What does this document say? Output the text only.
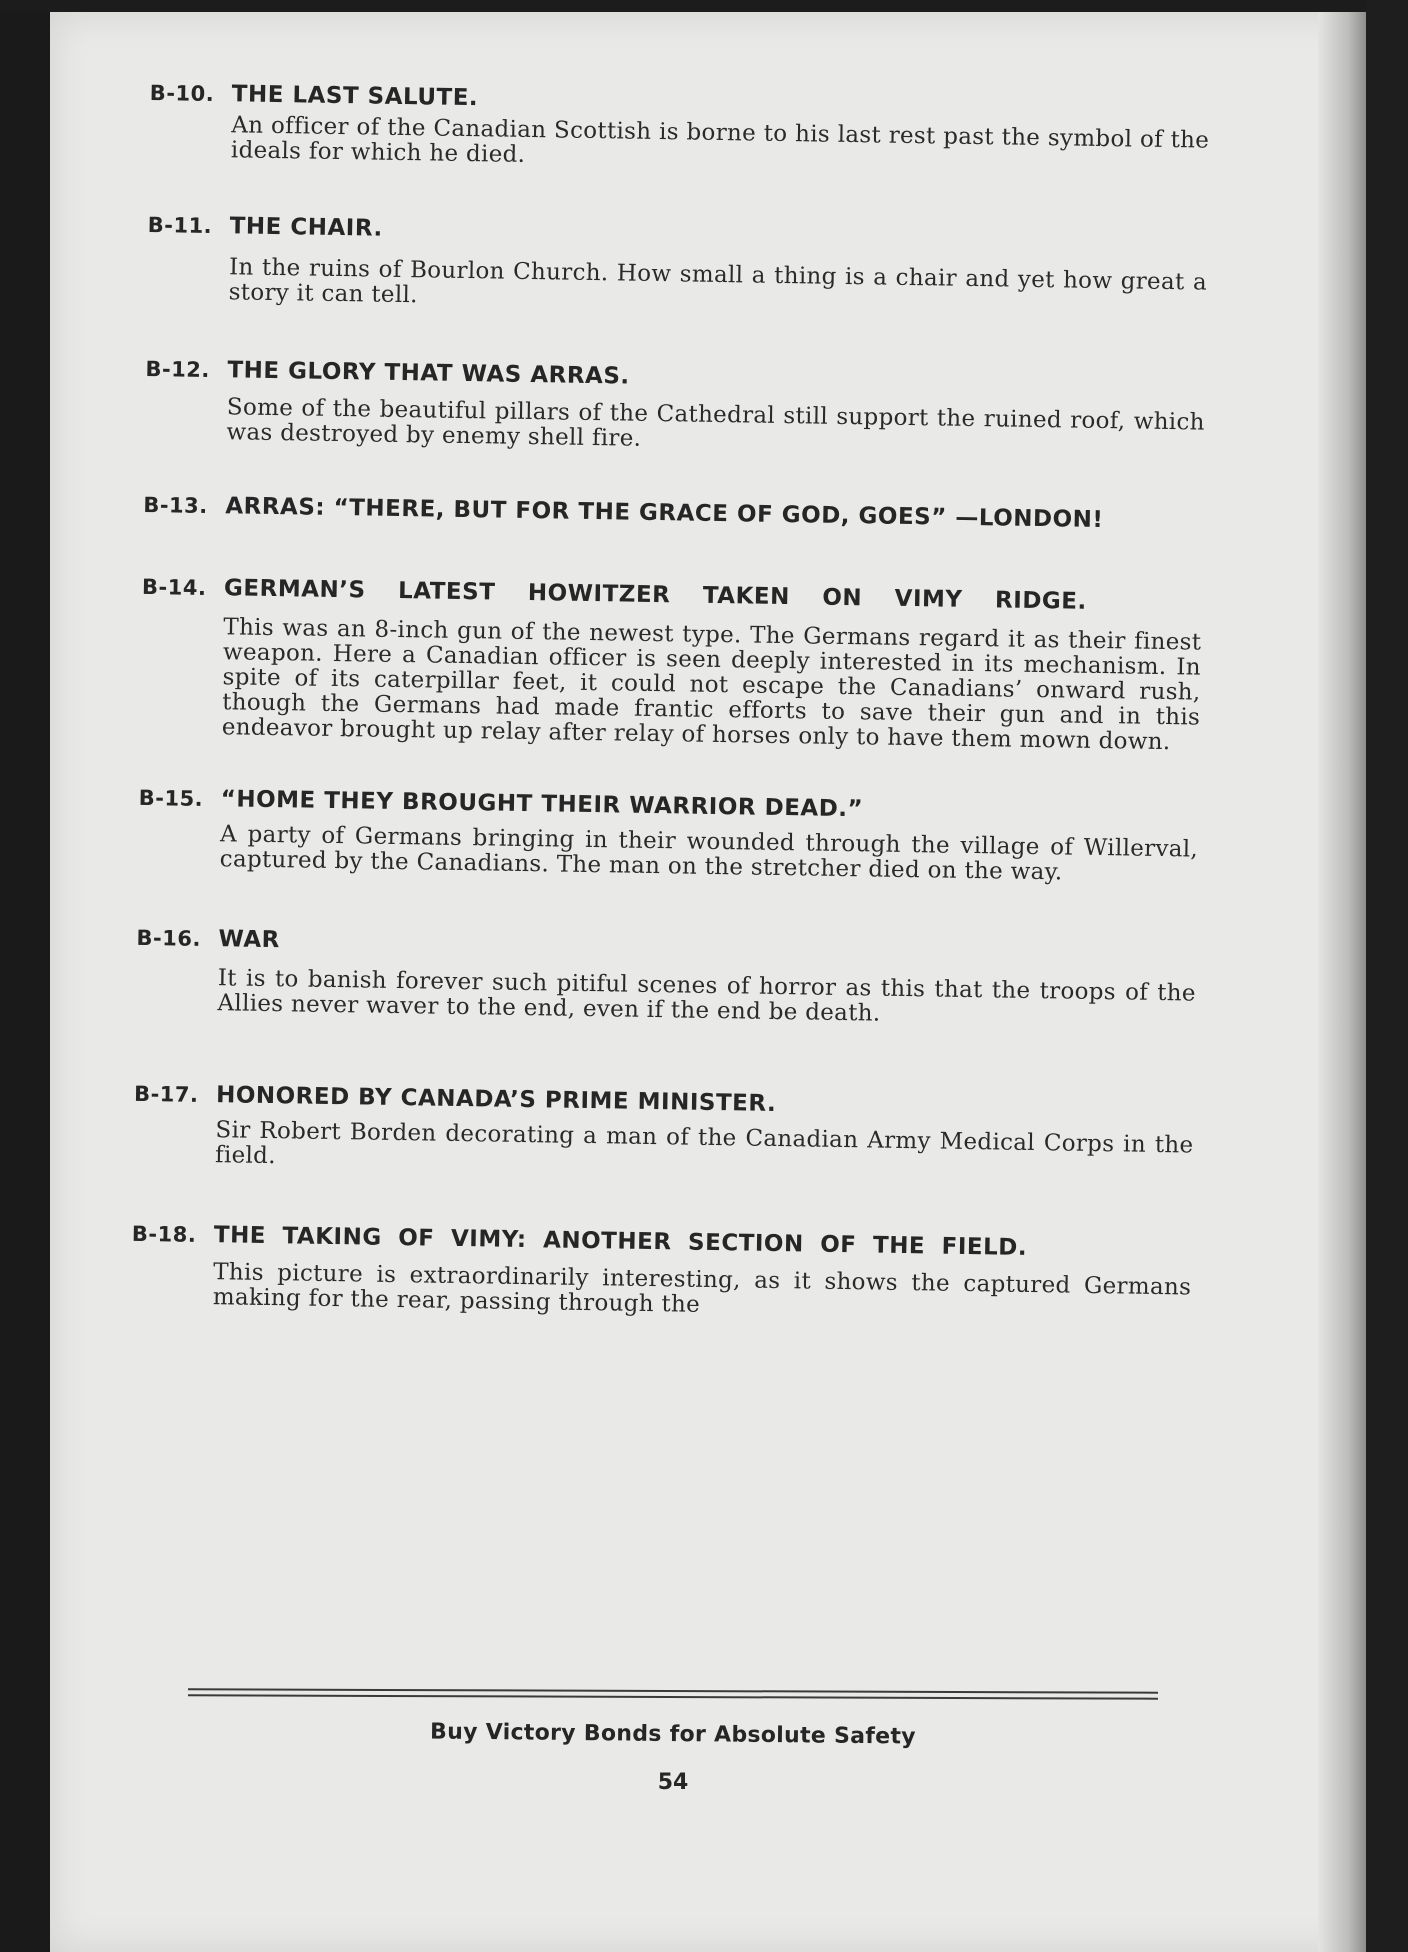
B-10. THE LAST SALUTE.
An officer of the Canadian Scottish is borne to his last rest past the symbol of the ideals for which he died.
B-11. THE CHAIR.
In the ruins of Bourlon Church. How small a thing is a chair and yet how great a story it can tell.
B-12. THE GLORY THAT WAS ARRAS.
Some of the beautiful pillars of the Cathedral still support the ruined roof, which was destroyed by enemy shell fire.
B-13. ARRAS: “THERE, BUT FOR THE GRACE OF GOD, GOES” —LONDON!
B-14. GERMAN’S LATEST HOWITZER TAKEN ON VIMY RIDGE.
This was an 8-inch gun of the newest type. The Germans regard it as their finest weapon. Here a Canadian officer is seen deeply interested in its mechanism. In spite of its caterpillar feet, it could not escape the Canadians’ onward rush, though the Germans had made frantic efforts to save their gun and in this endeavor brought up relay after relay of horses only to have them mown down.
B-15. “HOME THEY BROUGHT THEIR WARRIOR DEAD.”
A party of Germans bringing in their wounded through the village of Willerval, captured by the Canadians. The man on the stretcher died on the way.
B-16. WAR
It is to banish forever such pitiful scenes of horror as this that the troops of the Allies never waver to the end, even if the end be death.
B-17. HONORED BY CANADA’S PRIME MINISTER.
Sir Robert Borden decorating a man of the Canadian Army Medical Corps in the field.
B-18. THE TAKING OF VIMY: ANOTHER SECTION OF THE FIELD.
This picture is extraordinarily interesting, as it shows the captured Germans making for the rear, passing through the
Buy Victory Bonds for Absolute Safety
54
